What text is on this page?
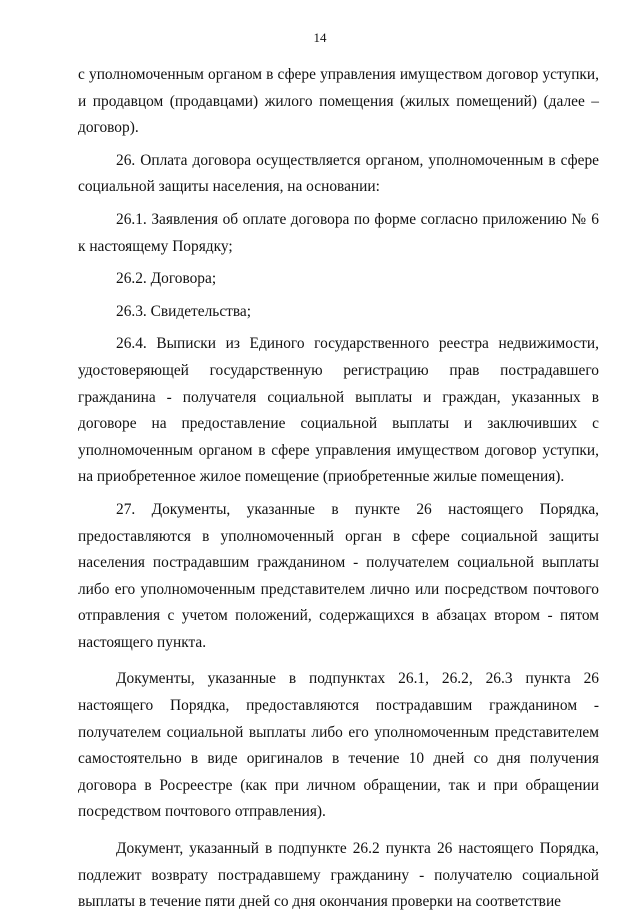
14

с уполномоченным органом в сфере управления имуществом договор уступки, и продавцом (продавцами) жилого помещения (жилых помещений) (далее – договор).

26. Оплата договора осуществляется органом, уполномоченным в сфере социальной защиты населения, на основании:

26.1. Заявления об оплате договора по форме согласно приложению № 6 к настоящему Порядку;

26.2. Договора;

26.3. Свидетельства;

26.4. Выписки из Единого государственного реестра недвижимости, удостоверяющей государственную регистрацию прав пострадавшего гражданина - получателя социальной выплаты и граждан, указанных в договоре на предоставление социальной выплаты и заключивших с уполномоченным органом в сфере управления имуществом договор уступки, на приобретенное жилое помещение (приобретенные жилые помещения).

27. Документы, указанные в пункте 26 настоящего Порядка, предоставляются в уполномоченный орган в сфере социальной защиты населения пострадавшим гражданином - получателем социальной выплаты либо его уполномоченным представителем лично или посредством почтового отправления с учетом положений, содержащихся в абзацах втором - пятом настоящего пункта.

Документы, указанные в подпунктах 26.1, 26.2, 26.3 пункта 26 настоящего Порядка, предоставляются пострадавшим гражданином - получателем социальной выплаты либо его уполномоченным представителем самостоятельно в виде оригиналов в течение 10 дней со дня получения договора в Росреестре (как при личном обращении, так и при обращении посредством почтового отправления).

Документ, указанный в подпункте 26.2 пункта 26 настоящего Порядка, подлежит возврату пострадавшему гражданину - получателю социальной выплаты в течение пяти дней со дня окончания проверки на соответствие
